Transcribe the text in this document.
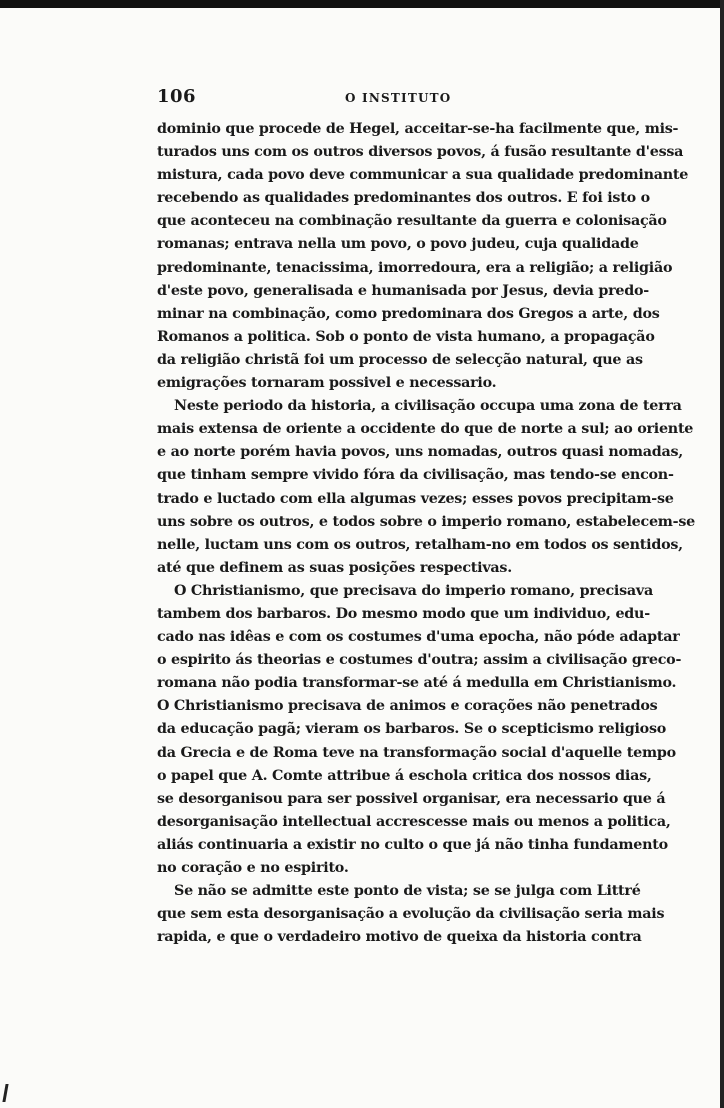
106	O INSTITUTO
dominio que procede de Hegel, acceitar-se-ha facilmente que, mis-
turados uns com os outros diversos povos, á fusão resultante d'essa
mistura, cada povo deve communicar a sua qualidade predominante
recebendo as qualidades predominantes dos outros. E foi isto o
que aconteceu na combinação resultante da guerra e colonisação
romanas; entrava nella um povo, o povo judeu, cuja qualidade
predominante, tenacissima, imorredoura, era a religião; a religião
d'este povo, generalisada e humanisada por Jesus, devia predo-
minar na combinação, como predominara dos Gregos a arte, dos
Romanos a politica. Sob o ponto de vista humano, a propagação
da religião christã foi um processo de selecção natural, que as
emigrações tornaram possivel e necessario.
Neste periodo da historia, a civilisação occupa uma zona de terra
mais extensa de oriente a occidente do que de norte a sul; ao oriente
e ao norte porém havia povos, uns nomadas, outros quasi nomadas,
que tinham sempre vivido fóra da civilisação, mas tendo-se encon-
trado e luctado com ella algumas vezes; esses povos precipitam-se
uns sobre os outros, e todos sobre o imperio romano, estabelecem-se
nelle, luctam uns com os outros, retalham-no em todos os sentidos,
até que definem as suas posições respectivas.
O Christianismo, que precisava do imperio romano, precisava
tambem dos barbaros. Do mesmo modo que um individuo, edu-
cado nas idêas e com os costumes d'uma epocha, não póde adaptar
o espirito ás theorias e costumes d'outra; assim a civilisação greco-
romana não podia transformar-se até á medulla em Christianismo.
O Christianismo precisava de animos e corações não penetrados
da educação pagã; vieram os barbaros. Se o scepticismo religioso
da Grecia e de Roma teve na transformação social d'aquelle tempo
o papel que A. Comte attribue á eschola critica dos nossos dias,
se desorganisou para ser possivel organisar, era necessario que á
desorganisação intellectual accrescesse mais ou menos a politica,
aliás continuaria a existir no culto o que já não tinha fundamento
no coração e no espirito.
Se não se admitte este ponto de vista; se se julga com Littré
que sem esta desorganisação a evolução da civilisação seria mais
rapida, e que o verdadeiro motivo de queixa da historia contra
